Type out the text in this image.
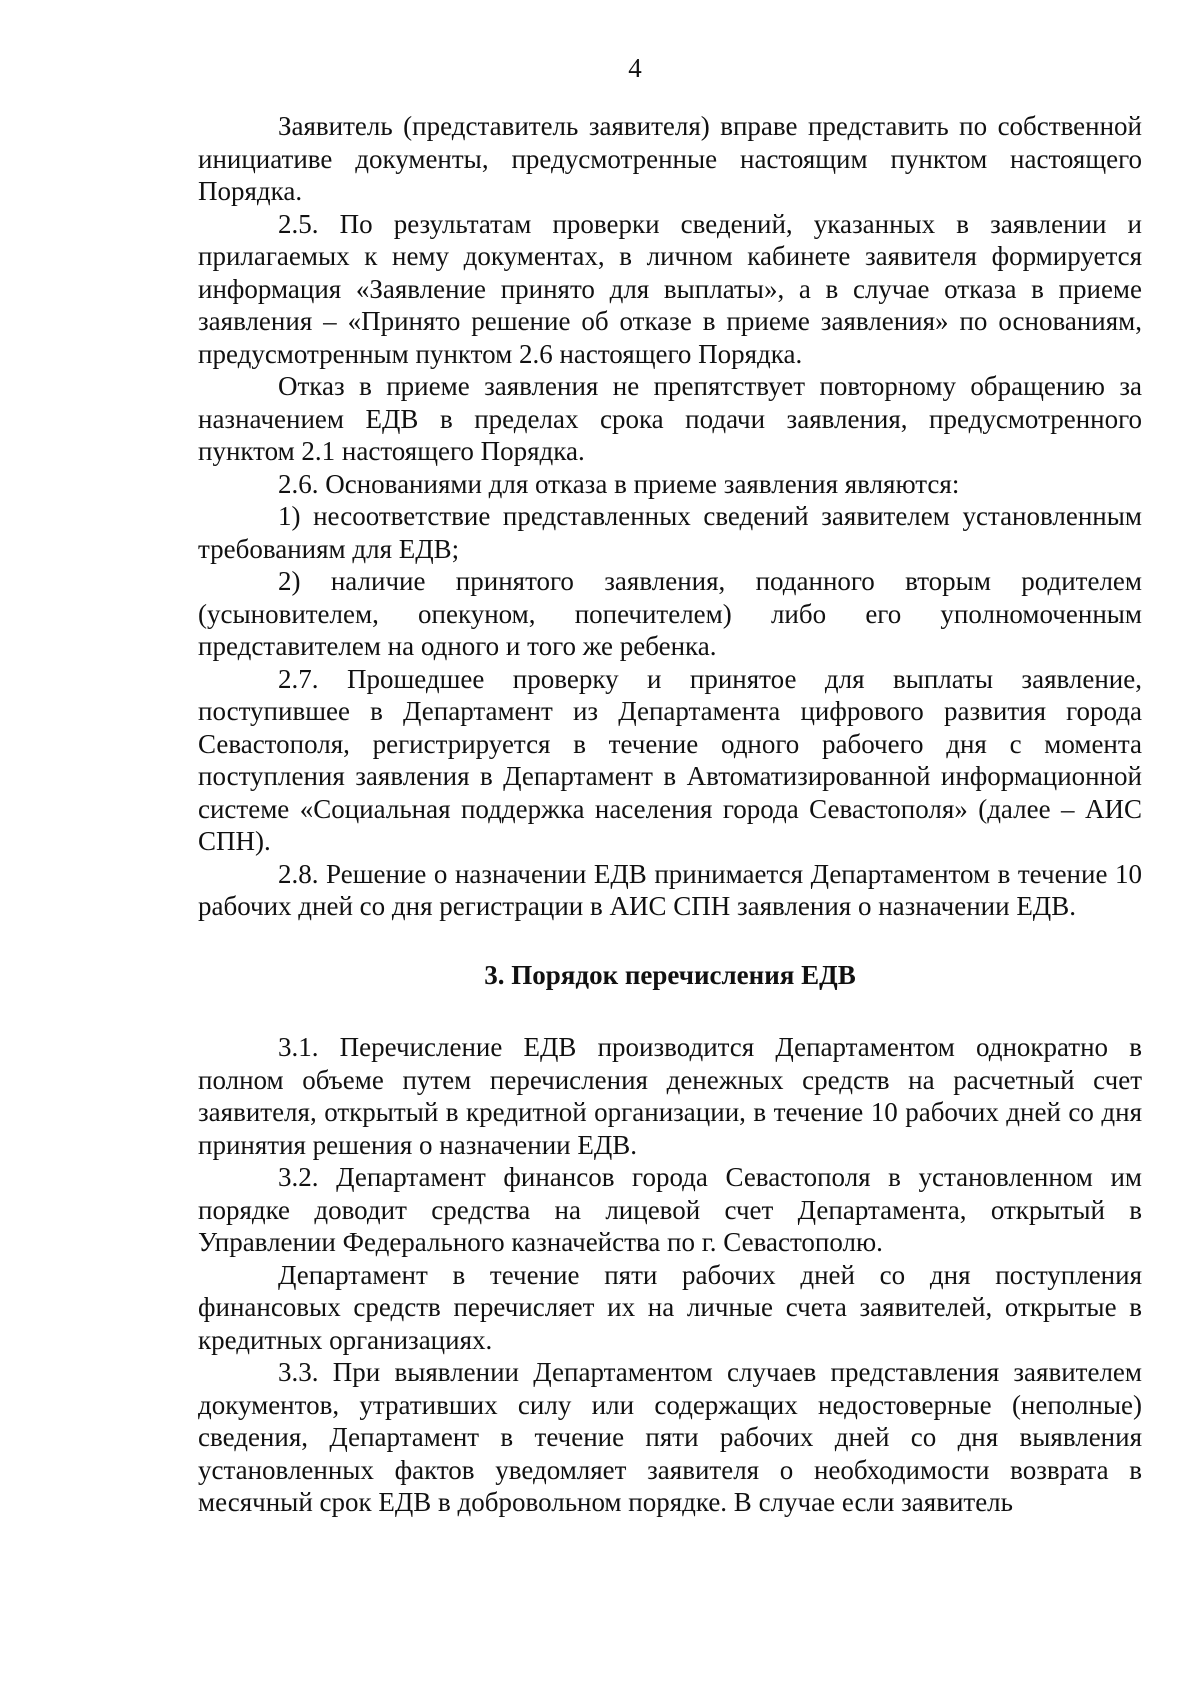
4

Заявитель (представитель заявителя) вправе представить по собственной инициативе документы, предусмотренные настоящим пунктом настоящего Порядка.

2.5. По результатам проверки сведений, указанных в заявлении и прилагаемых к нему документах, в личном кабинете заявителя формируется информация «Заявление принято для выплаты», а в случае отказа в приеме заявления – «Принято решение об отказе в приеме заявления» по основаниям, предусмотренным пунктом 2.6 настоящего Порядка.

Отказ в приеме заявления не препятствует повторному обращению за назначением ЕДВ в пределах срока подачи заявления, предусмотренного пунктом 2.1 настоящего Порядка.

2.6. Основаниями для отказа в приеме заявления являются:

1) несоответствие представленных сведений заявителем установленным требованиям для ЕДВ;

2) наличие принятого заявления, поданного вторым родителем (усыновителем, опекуном, попечителем) либо его уполномоченным представителем на одного и того же ребенка.

2.7. Прошедшее проверку и принятое для выплаты заявление, поступившее в Департамент из Департамента цифрового развития города Севастополя, регистрируется в течение одного рабочего дня с момента поступления заявления в Департамент в Автоматизированной информационной системе «Социальная поддержка населения города Севастополя» (далее – АИС СПН).

2.8. Решение о назначении ЕДВ принимается Департаментом в течение 10 рабочих дней со дня регистрации в АИС СПН заявления о назначении ЕДВ.

3. Порядок перечисления ЕДВ

3.1. Перечисление ЕДВ производится Департаментом однократно в полном объеме путем перечисления денежных средств на расчетный счет заявителя, открытый в кредитной организации, в течение 10 рабочих дней со дня принятия решения о назначении ЕДВ.

3.2. Департамент финансов города Севастополя в установленном им порядке доводит средства на лицевой счет Департамента, открытый в Управлении Федерального казначейства по г. Севастополю.

Департамент в течение пяти рабочих дней со дня поступления финансовых средств перечисляет их на личные счета заявителей, открытые в кредитных организациях.

3.3. При выявлении Департаментом случаев представления заявителем документов, утративших силу или содержащих недостоверные (неполные) сведения, Департамент в течение пяти рабочих дней со дня выявления установленных фактов уведомляет заявителя о необходимости возврата в месячный срок ЕДВ в добровольном порядке. В случае если заявитель
